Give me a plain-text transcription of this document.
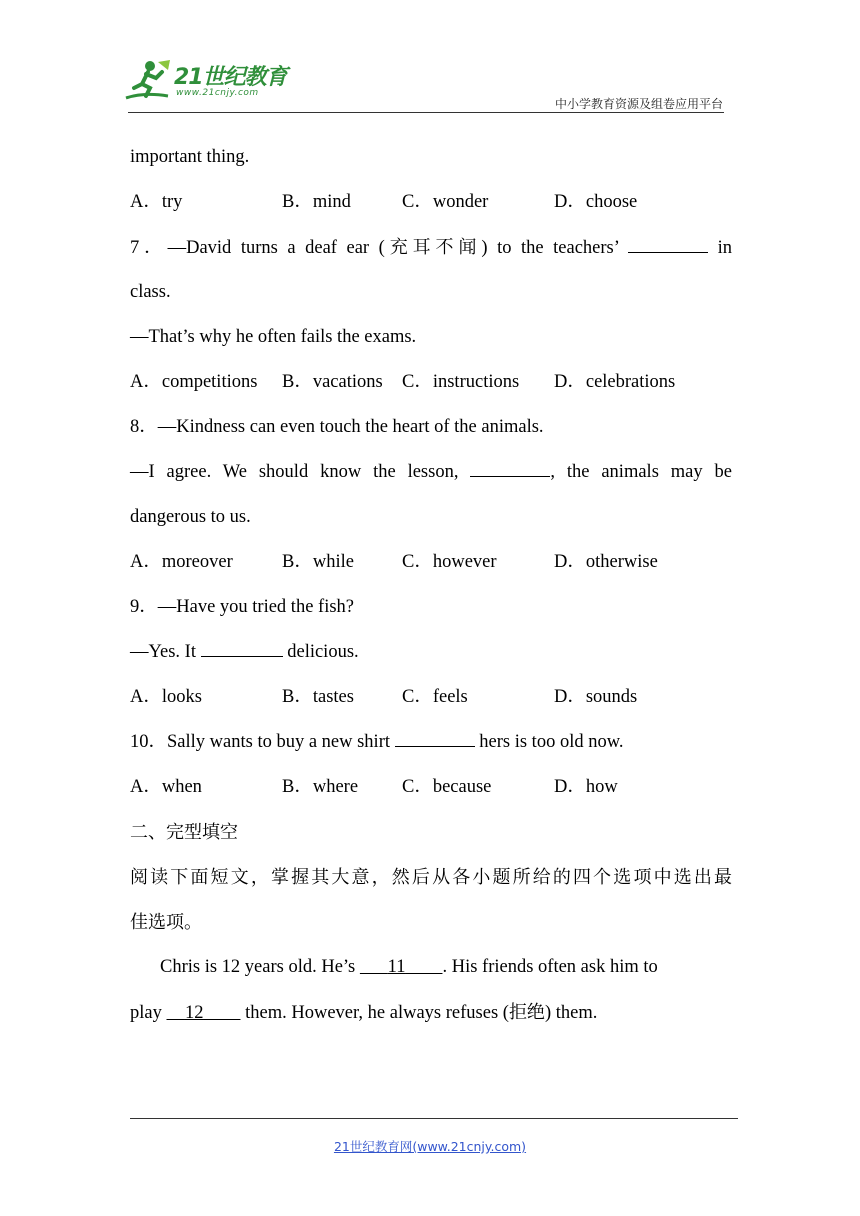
21世纪教育
www.21cnjy.com
中小学教育资源及组卷应用平台
important thing.
A．try	B．mind	C．wonder	D．choose
7．—David turns a deaf ear (充耳不闻) to the teachers’	in
class.
—That’s why he often fails the exams.
A．competitions	B．vacations	C．instructions	D．celebrations
8．—Kindness can even touch the heart of the animals.
—I agree. We should know the lesson,	, the animals may be
dangerous to us.
A．moreover	B．while	C．however	D．otherwise
9．—Have you tried the fish?
—Yes. It	delicious.
A．looks	B．tastes	C．feels	D．sounds
10．Sally wants to buy a new shirt	hers is too old now.
A．when	B．where	C．because	D．how
二、完型填空
阅读下面短文，掌握其大意，然后从各小题所给的四个选项中选出最
佳选项。
Chris is 12 years old. He’s     11     . His friends often ask him to
play    12     them. However, he always refuses (拒绝) them.
21世纪教育网(www.21cnjy.com)
